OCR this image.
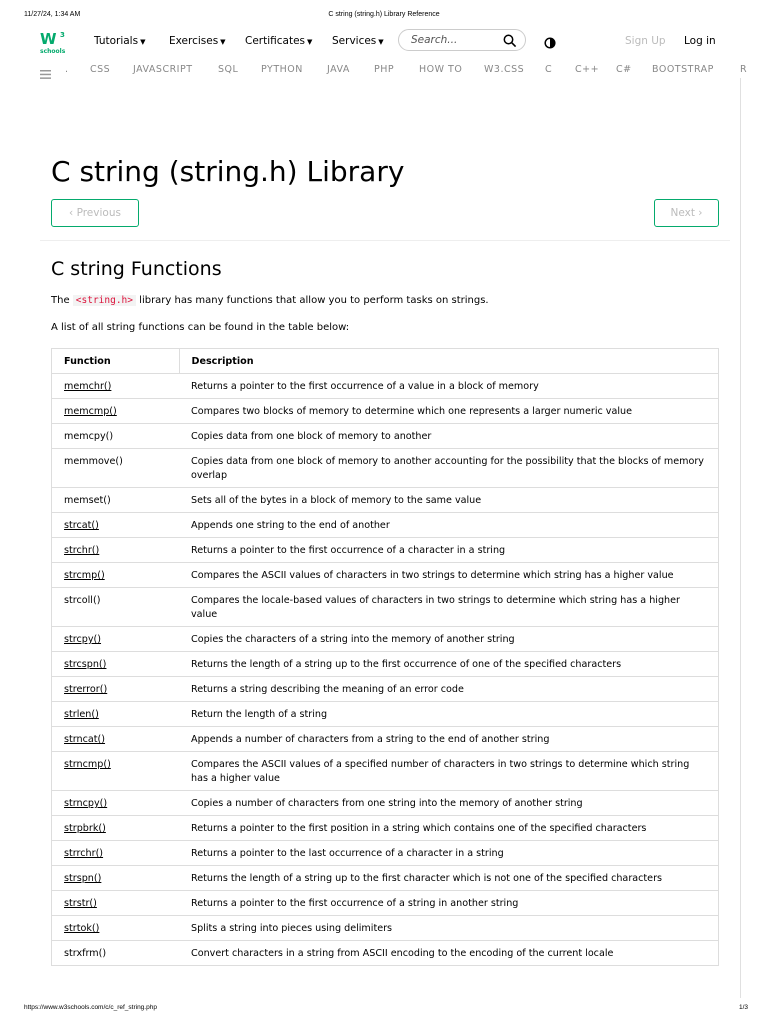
11/27/24, 1:34 AM	C string (string.h) Library Reference
W 3
schools
Tutorials ▼ Exercises ▼ Certificates ▼ Services ▼	Search...	Sign Up Log in
. CSS JAVASCRIPT	SQL PYTHON	JAVA	PHP	HOW TO W3.CSS C C++ C# BOOTSTRAP	R
C string (string.h) Library
‹ Previous	Next ›
C string Functions
The <string.h> library has many functions that allow you to perform tasks on strings.
A list of all string functions can be found in the table below:
Function	Description
memchr()	Returns a pointer to the first occurrence of a value in a block of memory
memcmp()	Compares two blocks of memory to determine which one represents a larger numeric value
memcpy()	Copies data from one block of memory to another
memmove()	Copies data from one block of memory to another accounting for the possibility that the blocks of memory overlap
memset()	Sets all of the bytes in a block of memory to the same value
strcat()	Appends one string to the end of another
strchr()	Returns a pointer to the first occurrence of a character in a string
strcmp()	Compares the ASCII values of characters in two strings to determine which string has a higher value
strcoll()	Compares the locale-based values of characters in two strings to determine which string has a higher value
strcpy()	Copies the characters of a string into the memory of another string
strcspn()	Returns the length of a string up to the first occurrence of one of the specified characters
strerror()	Returns a string describing the meaning of an error code
strlen()	Return the length of a string
strncat()	Appends a number of characters from a string to the end of another string
strncmp()	Compares the ASCII values of a specified number of characters in two strings to determine which string has a higher value
strncpy()	Copies a number of characters from one string into the memory of another string
strpbrk()	Returns a pointer to the first position in a string which contains one of the specified characters
strrchr()	Returns a pointer to the last occurrence of a character in a string
strspn()	Returns the length of a string up to the first character which is not one of the specified characters
strstr()	Returns a pointer to the first occurrence of a string in another string
strtok()	Splits a string into pieces using delimiters
strxfrm()	Convert characters in a string from ASCII encoding to the encoding of the current locale
https://www.w3schools.com/c/c_ref_string.php	1/3
